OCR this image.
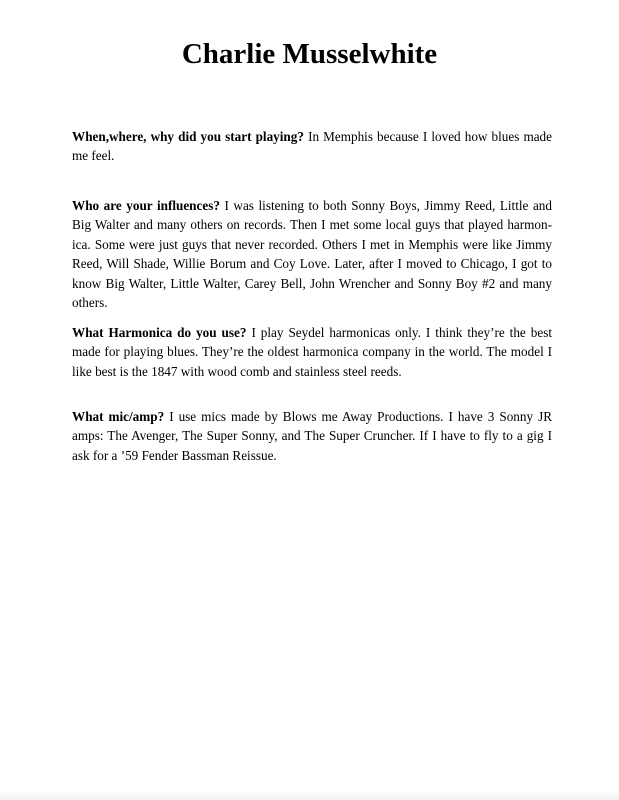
Charlie Musselwhite

When,where, why did you start playing? In Memphis because I loved how blues made me feel.

Who are your influences? I was listening to both Sonny Boys, Jimmy Reed, Little and Big Walter and many others on records. Then I met some local guys that played harmon-ica. Some were just guys that never recorded. Others I met in Memphis were like Jimmy Reed, Will Shade, Willie Borum and Coy Love. Later, after I moved to Chicago, I got to know Big Walter, Little Walter, Carey Bell, John Wrencher and Sonny Boy #2 and many others.

What Harmonica do you use? I play Seydel harmonicas only. I think they’re the best made for playing blues. They’re the oldest harmonica company in the world. The model I like best is the 1847 with wood comb and stainless steel reeds.

What mic/amp? I use mics made by Blows me Away Productions. I have 3 Sonny JR amps: The Avenger, The Super Sonny, and The Super Cruncher. If I have to fly to a gig I ask for a ’59 Fender Bassman Reissue.
